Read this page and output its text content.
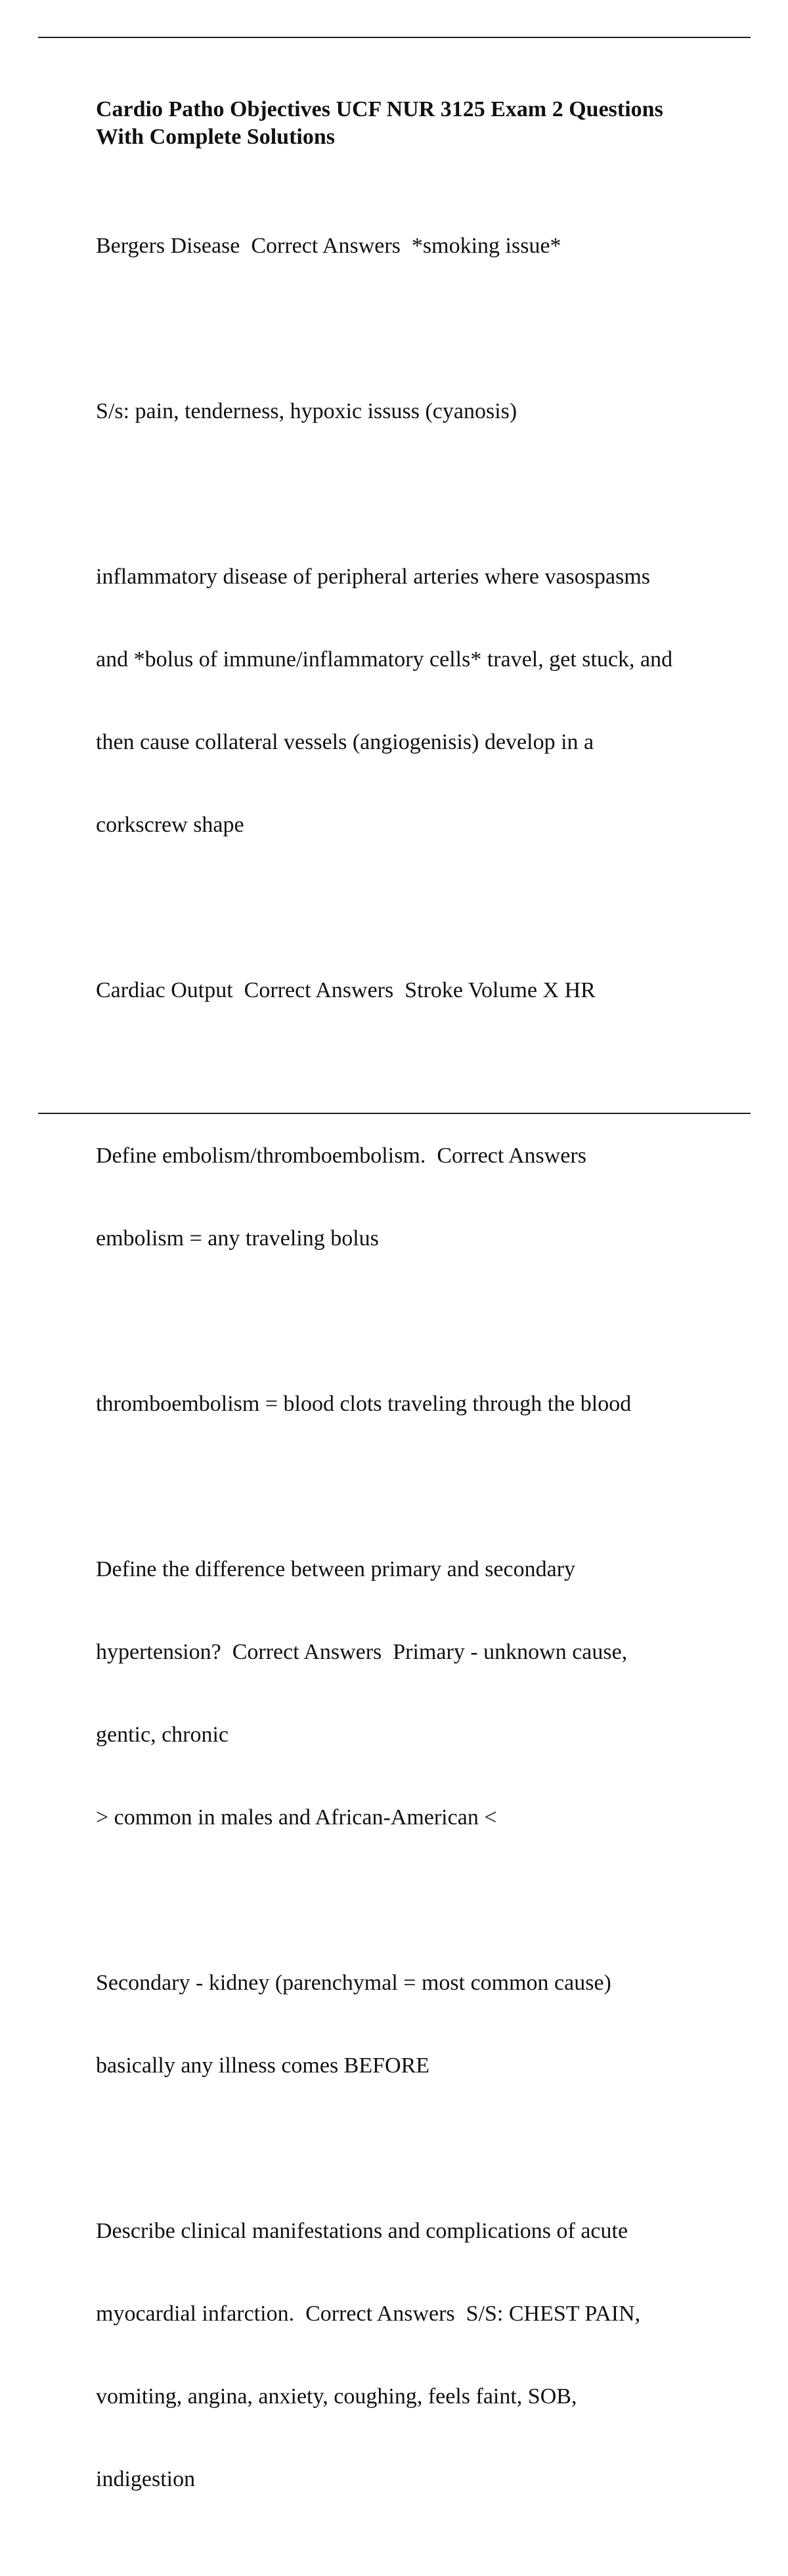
Cardio Patho Objectives UCF NUR 3125 Exam 2 Questions
With Complete Solutions

Bergers Disease  Correct Answers  *smoking issue*

S/s: pain, tenderness, hypoxic issuss (cyanosis)

inflammatory disease of peripheral arteries where vasospasms

and *bolus of immune/inflammatory cells* travel, get stuck, and

then cause collateral vessels (angiogenisis) develop in a

corkscrew shape

Cardiac Output  Correct Answers  Stroke Volume X HR

Define embolism/thromboembolism.  Correct Answers

embolism = any traveling bolus

thromboembolism = blood clots traveling through the blood

Define the difference between primary and secondary

hypertension?  Correct Answers  Primary - unknown cause,

gentic, chronic

> common in males and African-American <

Secondary - kidney (parenchymal = most common cause)

basically any illness comes BEFORE

Describe clinical manifestations and complications of acute

myocardial infarction.  Correct Answers  S/S: CHEST PAIN,

vomiting, angina, anxiety, coughing, feels faint, SOB,

indigestion
